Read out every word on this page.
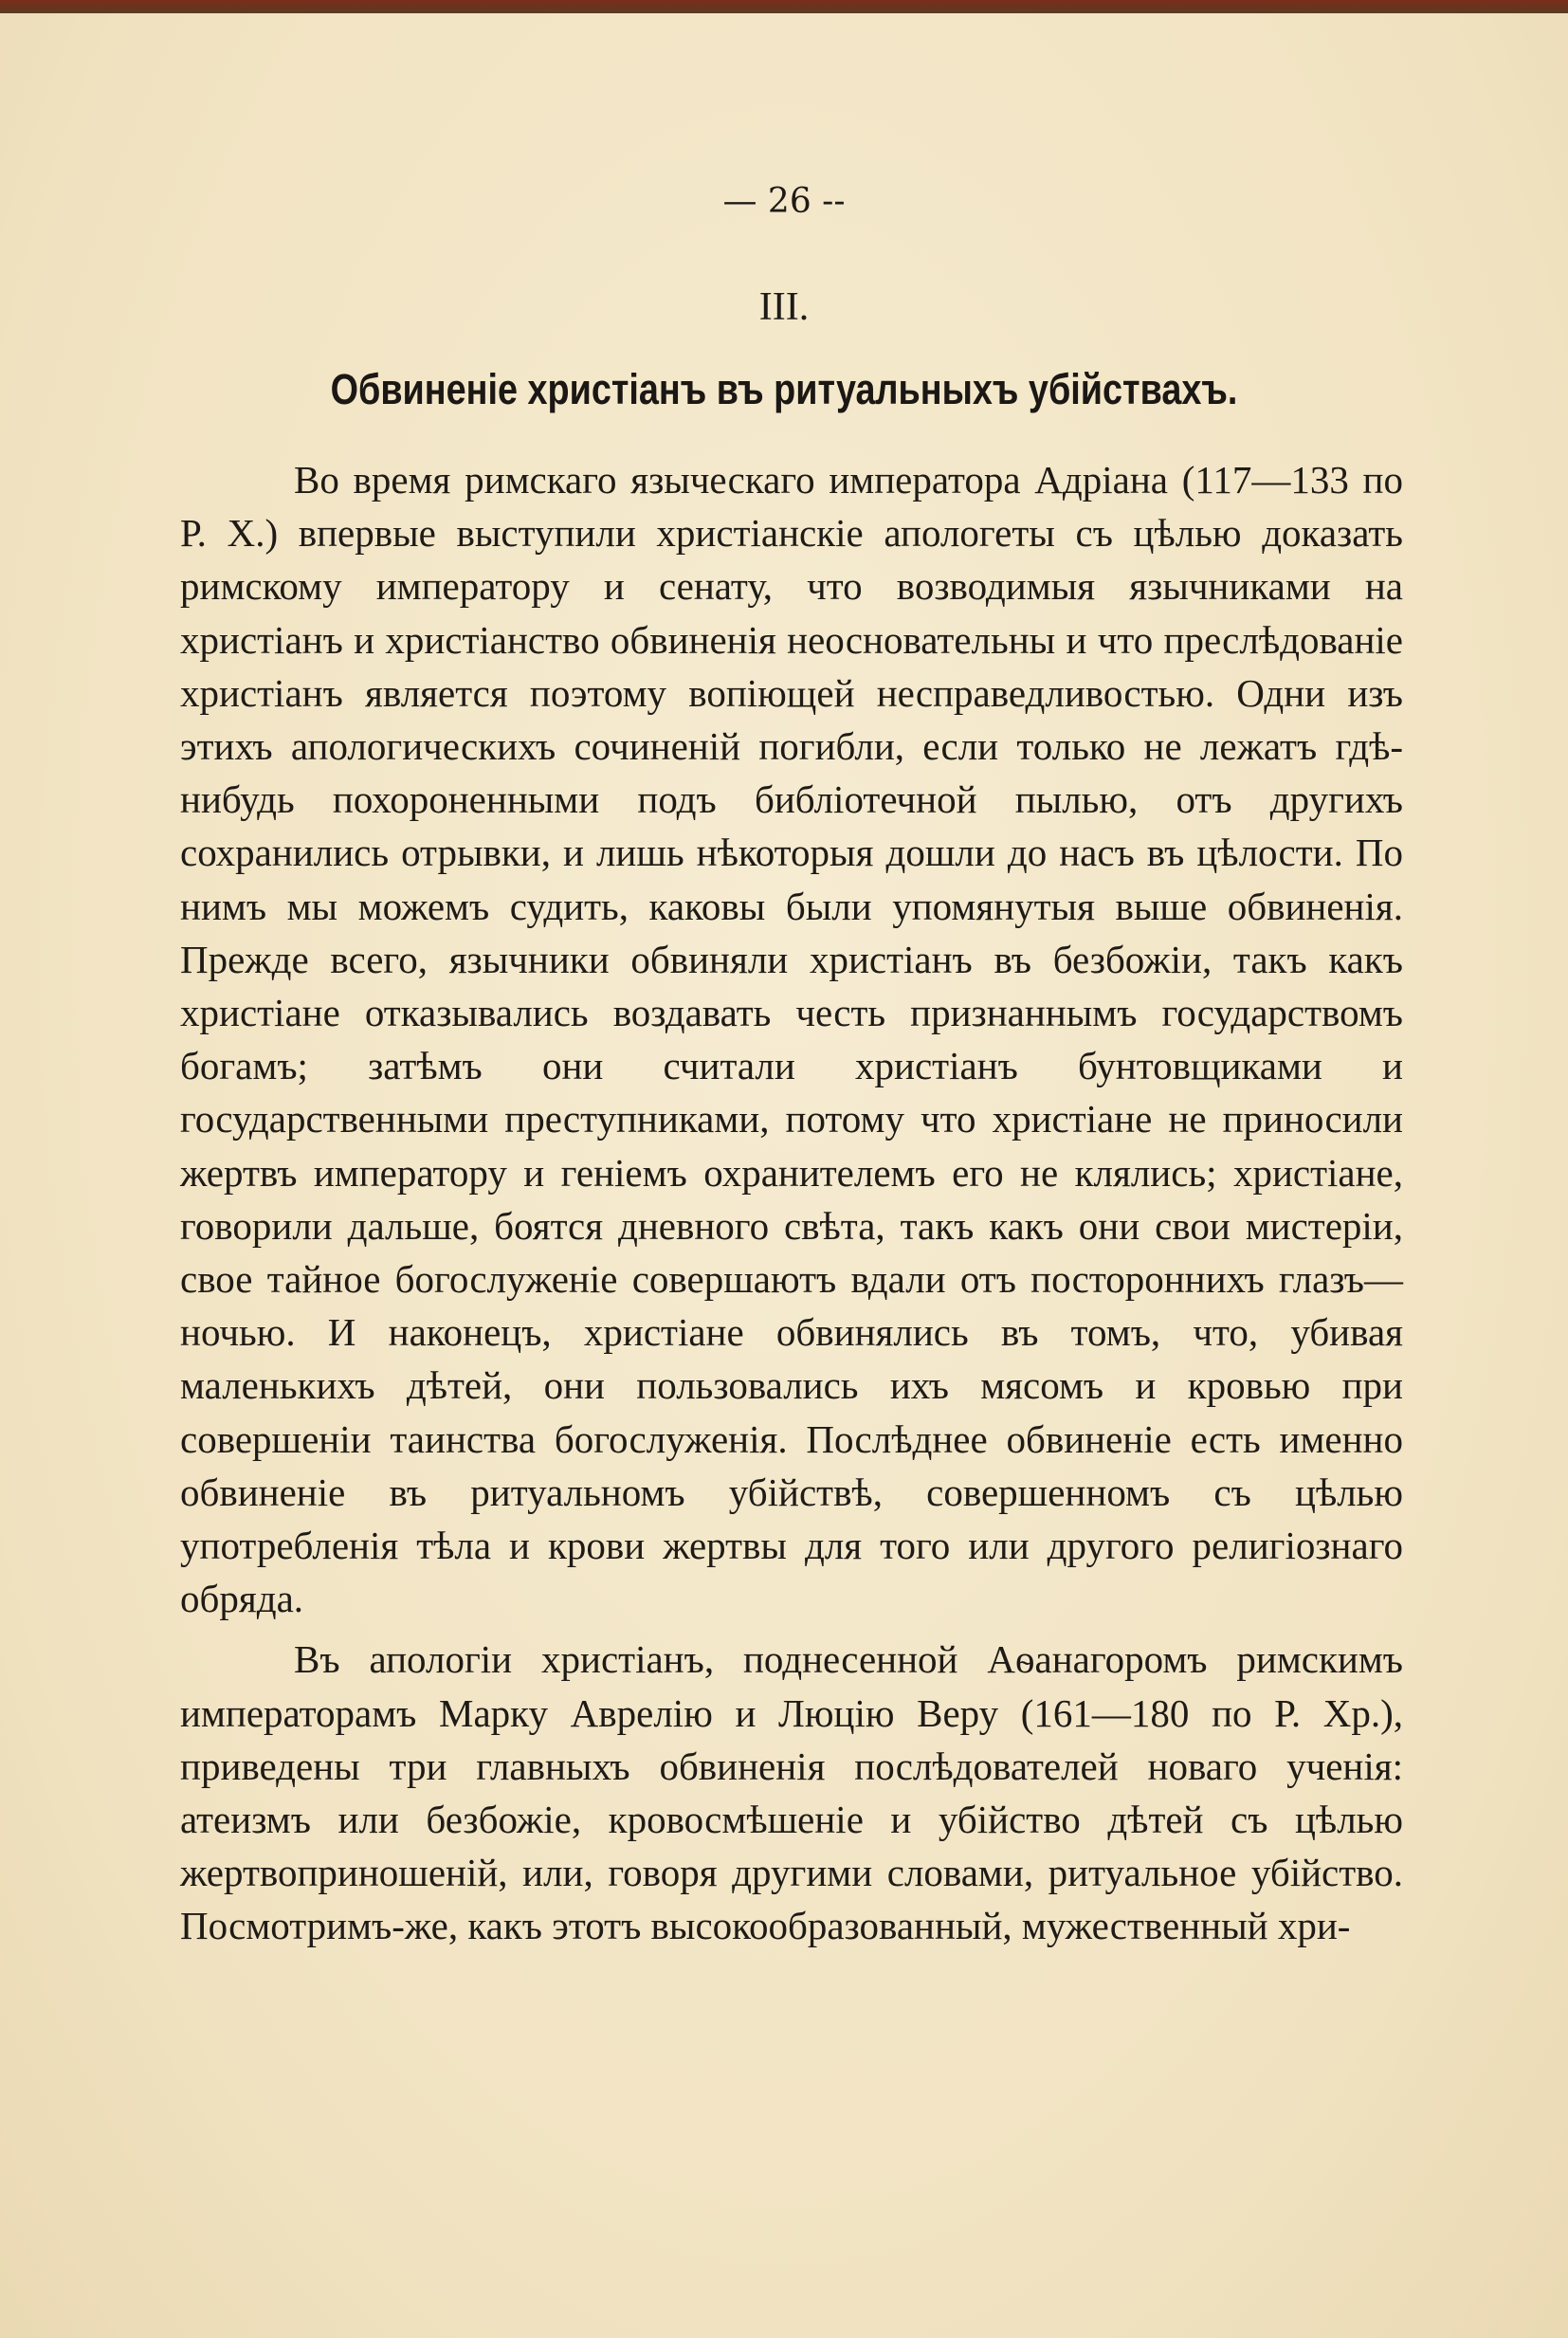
— 26 --
III.
Обвиненіе христіанъ въ ритуальныхъ убійствахъ.

Во время римскаго языческаго императора Адріана (117—133 по Р. Х.) впервые выступили христіанскіе апологеты съ цѣлью доказать римскому императору и сенату, что возводимыя язычниками на христіанъ и христіанство обвиненія неосновательны и что преслѣдованіе христіанъ является поэтому вопіющей несправедливостью. Одни изъ этихъ апологическихъ сочиненій погибли, если только не лежатъ гдѣ-нибудь похороненными подъ библіотечной пылью, отъ другихъ сохранились отрывки, и лишь нѣкоторыя дошли до насъ въ цѣлости. По нимъ мы можемъ судить, каковы были упомянутыя выше обвиненія. Прежде всего, язычники обвиняли христіанъ въ безбожіи, такъ какъ христіане отказывались воздавать честь признаннымъ государствомъ богамъ; затѣмъ они считали христіанъ бунтовщиками и государственными преступниками, потому что христіане не приносили жертвъ императору и геніемъ охранителемъ его не клялись; христіане, говорили дальше, боятся дневного свѣта, такъ какъ они свои мистеріи, свое тайное богослуженіе совершаютъ вдали отъ постороннихъ глазъ—ночью. И наконецъ, христіане обвинялись въ томъ, что, убивая маленькихъ дѣтей, они пользовались ихъ мясомъ и кровью при совершеніи таинства богослуженія. Послѣднее обвиненіе есть именно обвиненіе въ ритуальномъ убійствѣ, совершенномъ съ цѣлью употребленія тѣла и крови жертвы для того или другого религіознаго обряда.

Въ апологіи христіанъ, поднесенной Аѳанагоромъ римскимъ императорамъ Марку Аврелію и Люцію Веру (161—180 по Р. Хр.), приведены три главныхъ обвиненія послѣдователей новаго ученія: атеизмъ или безбожіе, кровосмѣшеніе и убійство дѣтей съ цѣлью жертвоприношеній, или, говоря другими словами, ритуальное убійство. Посмотримъ-же, какъ этотъ высокообразованный, мужественный хри-
